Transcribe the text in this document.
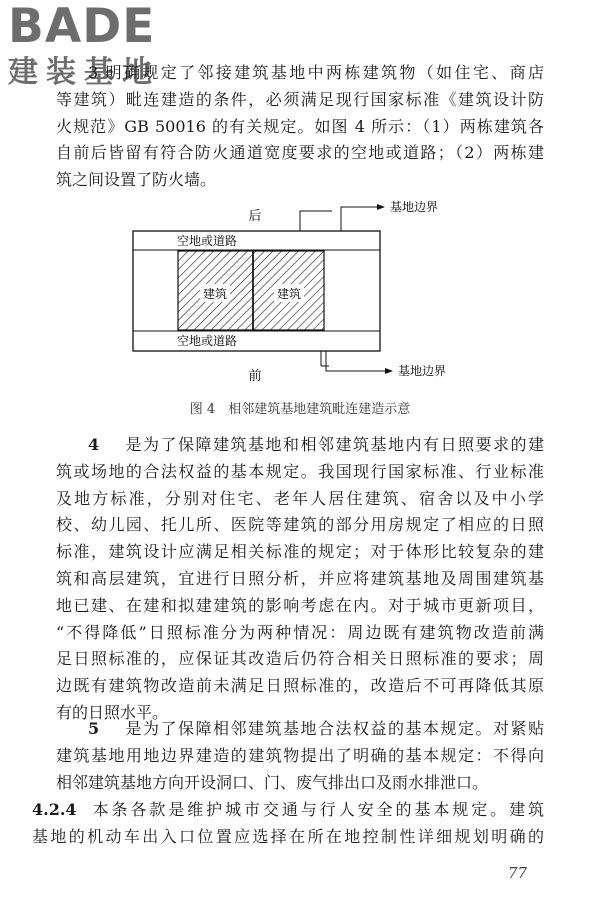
BADE
建装基地
3 明确规定了邻接建筑基地中两栋建筑物（如住宅、商店
等建筑）毗连建造的条件，必须满足现行国家标准《建筑设计防
火规范》GB 50016 的有关规定。如图 4 所示：（1）两栋建筑各
自前后皆留有符合防火通道宽度要求的空地或道路；（2）两栋建
筑之间设置了防火墙。
后
前
空地或道路
空地或道路
建筑	建筑
基地边界
基地边界
图 4　相邻建筑基地建筑毗连建造示意
4 是为了保障建筑基地和相邻建筑基地内有日照要求的建
筑或场地的合法权益的基本规定。我国现行国家标准、行业标准
及地方标准，分别对住宅、老年人居住建筑、宿舍以及中小学
校、幼儿园、托儿所、医院等建筑的部分用房规定了相应的日照
标准，建筑设计应满足相关标准的规定；对于体形比较复杂的建
筑和高层建筑，宜进行日照分析，并应将建筑基地及周围建筑基
地已建、在建和拟建建筑的影响考虑在内。对于城市更新项目，
“不得降低”日照标准分为两种情况：周边既有建筑物改造前满
足日照标准的，应保证其改造后仍符合相关日照标准的要求；周
边既有建筑物改造前未满足日照标准的，改造后不可再降低其原
有的日照水平。
5 是为了保障相邻建筑基地合法权益的基本规定。对紧贴
建筑基地用地边界建造的建筑物提出了明确的基本规定：不得向
相邻建筑基地方向开设洞口、门、废气排出口及雨水排泄口。
4.2.4 本条各款是维护城市交通与行人安全的基本规定。建筑
基地的机动车出入口位置应选择在所在地控制性详细规划明确的
77
